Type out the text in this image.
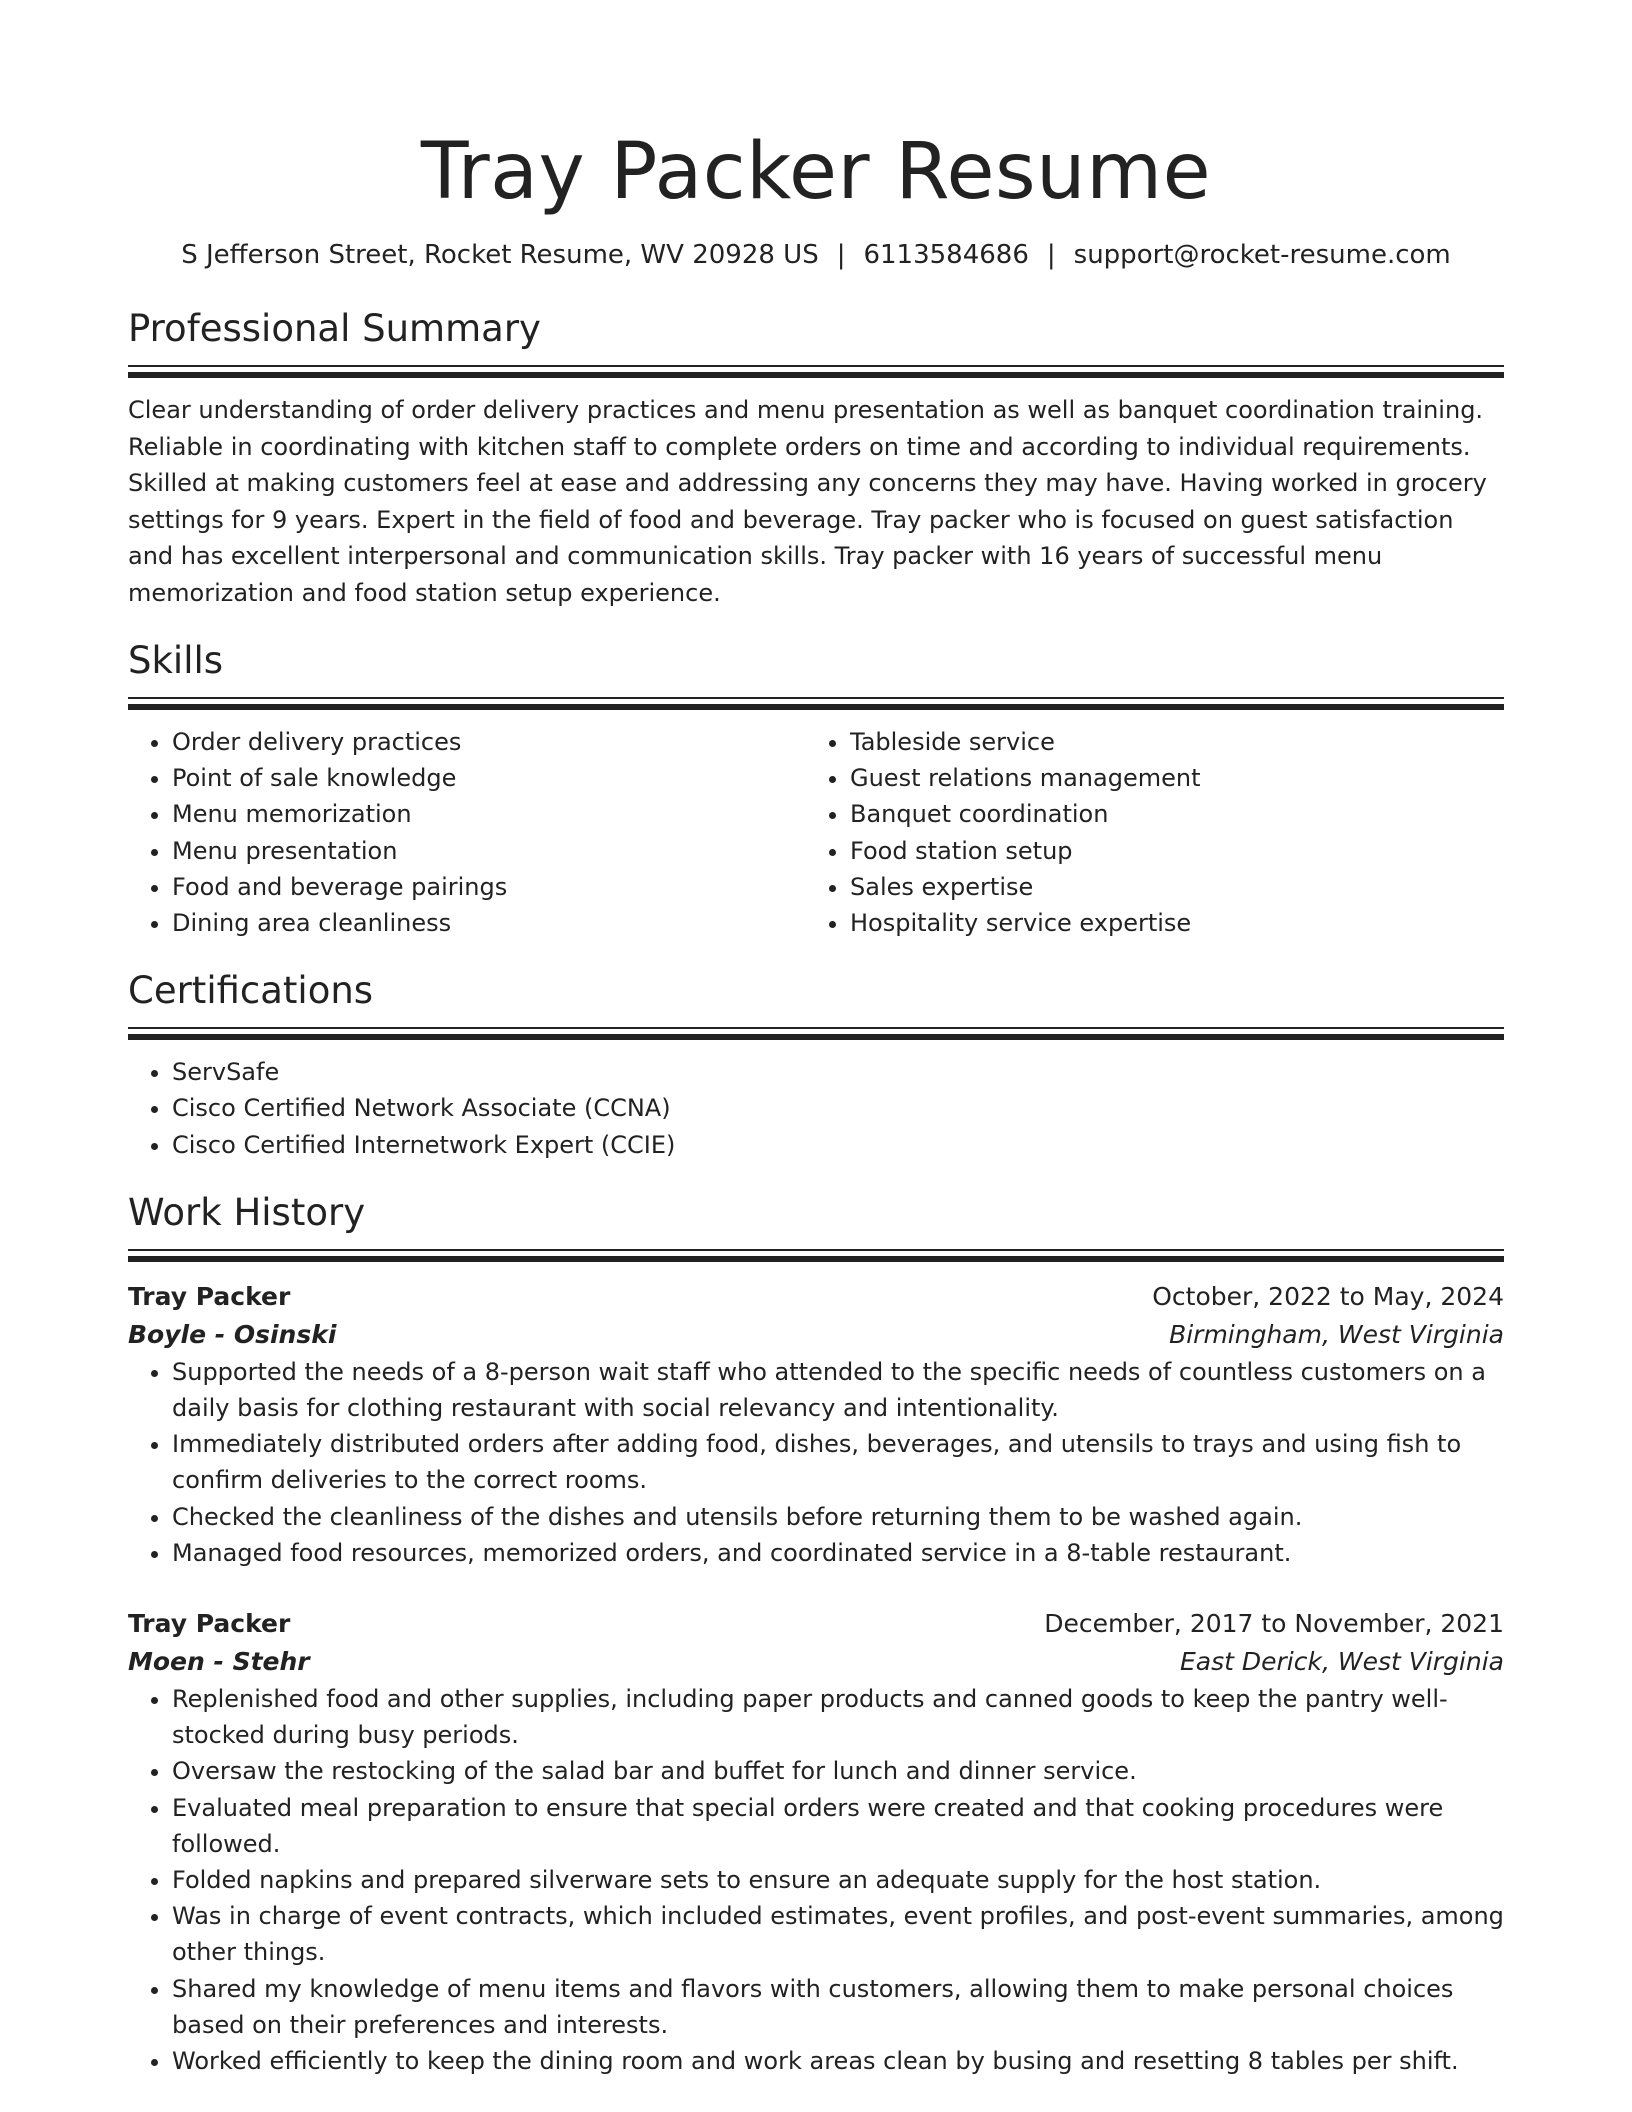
Tray Packer Resume
S Jefferson Street, Rocket Resume, WV 20928 US | 6113584686 | support@rocket-resume.com
Professional Summary
Clear understanding of order delivery practices and menu presentation as well as banquet coordination training. Reliable in coordinating with kitchen staff to complete orders on time and according to individual requirements. Skilled at making customers feel at ease and addressing any concerns they may have. Having worked in grocery settings for 9 years. Expert in the field of food and beverage. Tray packer who is focused on guest satisfaction and has excellent interpersonal and communication skills. Tray packer with 16 years of successful menu memorization and food station setup experience.
Skills
• Order delivery practices
• Point of sale knowledge
• Menu memorization
• Menu presentation
• Food and beverage pairings
• Dining area cleanliness
• Tableside service
• Guest relations management
• Banquet coordination
• Food station setup
• Sales expertise
• Hospitality service expertise
Certifications
• ServSafe
• Cisco Certified Network Associate (CCNA)
• Cisco Certified Internetwork Expert (CCIE)
Work History
Tray Packer	October, 2022 to May, 2024
Boyle - Osinski	Birmingham, West Virginia
• Supported the needs of a 8-person wait staff who attended to the specific needs of countless customers on a daily basis for clothing restaurant with social relevancy and intentionality.
• Immediately distributed orders after adding food, dishes, beverages, and utensils to trays and using fish to confirm deliveries to the correct rooms.
• Checked the cleanliness of the dishes and utensils before returning them to be washed again.
• Managed food resources, memorized orders, and coordinated service in a 8-table restaurant.
Tray Packer	December, 2017 to November, 2021
Moen - Stehr	East Derick, West Virginia
• Replenished food and other supplies, including paper products and canned goods to keep the pantry well-stocked during busy periods.
• Oversaw the restocking of the salad bar and buffet for lunch and dinner service.
• Evaluated meal preparation to ensure that special orders were created and that cooking procedures were followed.
• Folded napkins and prepared silverware sets to ensure an adequate supply for the host station.
• Was in charge of event contracts, which included estimates, event profiles, and post-event summaries, among other things.
• Shared my knowledge of menu items and flavors with customers, allowing them to make personal choices based on their preferences and interests.
• Worked efficiently to keep the dining room and work areas clean by busing and resetting 8 tables per shift.
